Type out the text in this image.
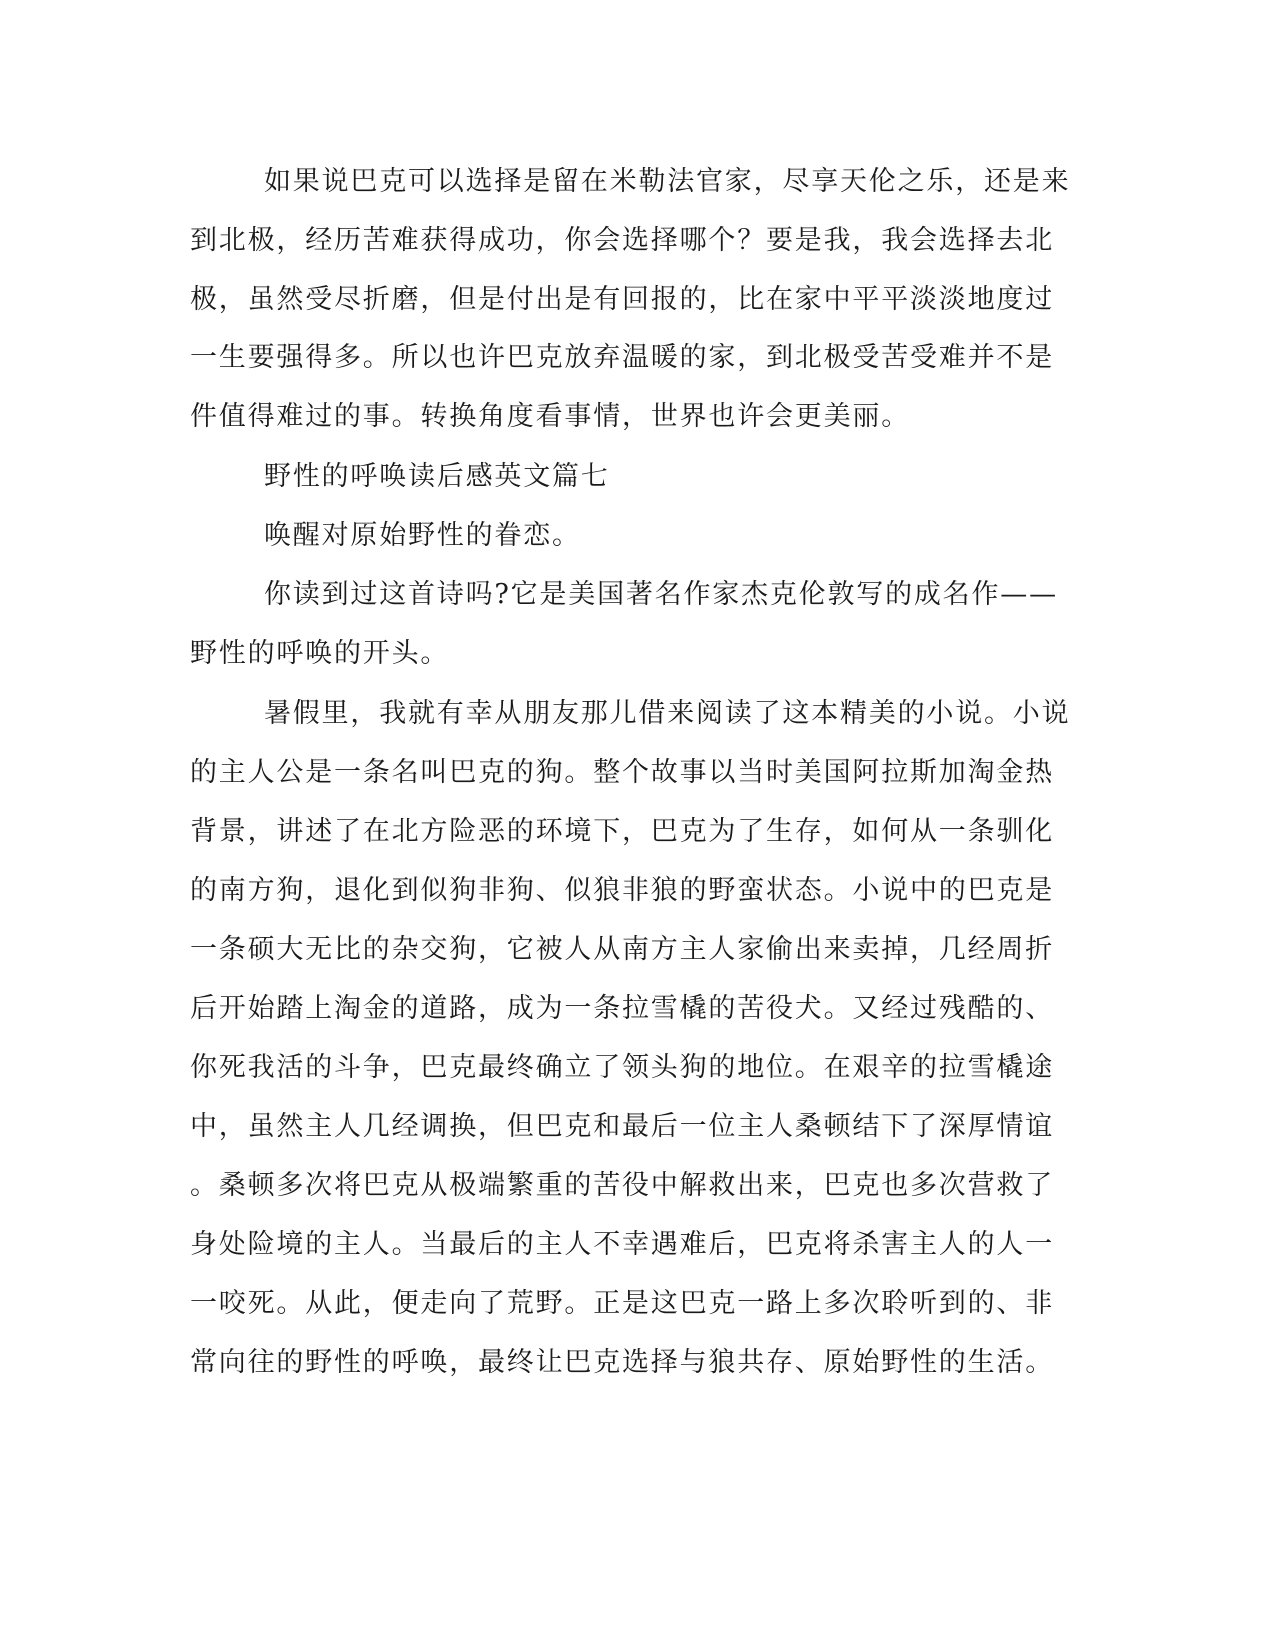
如果说巴克可以选择是留在米勒法官家，尽享天伦之乐，还是来
到北极，经历苦难获得成功，你会选择哪个？要是我，我会选择去北
极，虽然受尽折磨，但是付出是有回报的，比在家中平平淡淡地度过
一生要强得多。所以也许巴克放弃温暖的家，到北极受苦受难并不是
件值得难过的事。转换角度看事情，世界也许会更美丽。
野性的呼唤读后感英文篇七
唤醒对原始野性的眷恋。
你读到过这首诗吗?它是美国著名作家杰克伦敦写的成名作——
野性的呼唤的开头。
暑假里，我就有幸从朋友那儿借来阅读了这本精美的小说。小说
的主人公是一条名叫巴克的狗。整个故事以当时美国阿拉斯加淘金热
背景，讲述了在北方险恶的环境下，巴克为了生存，如何从一条驯化
的南方狗，退化到似狗非狗、似狼非狼的野蛮状态。小说中的巴克是
一条硕大无比的杂交狗，它被人从南方主人家偷出来卖掉，几经周折
后开始踏上淘金的道路，成为一条拉雪橇的苦役犬。又经过残酷的、
你死我活的斗争，巴克最终确立了领头狗的地位。在艰辛的拉雪橇途
中，虽然主人几经调换，但巴克和最后一位主人桑顿结下了深厚情谊
。桑顿多次将巴克从极端繁重的苦役中解救出来，巴克也多次营救了
身处险境的主人。当最后的主人不幸遇难后，巴克将杀害主人的人一
一咬死。从此，便走向了荒野。正是这巴克一路上多次聆听到的、非
常向往的野性的呼唤，最终让巴克选择与狼共存、原始野性的生活。
